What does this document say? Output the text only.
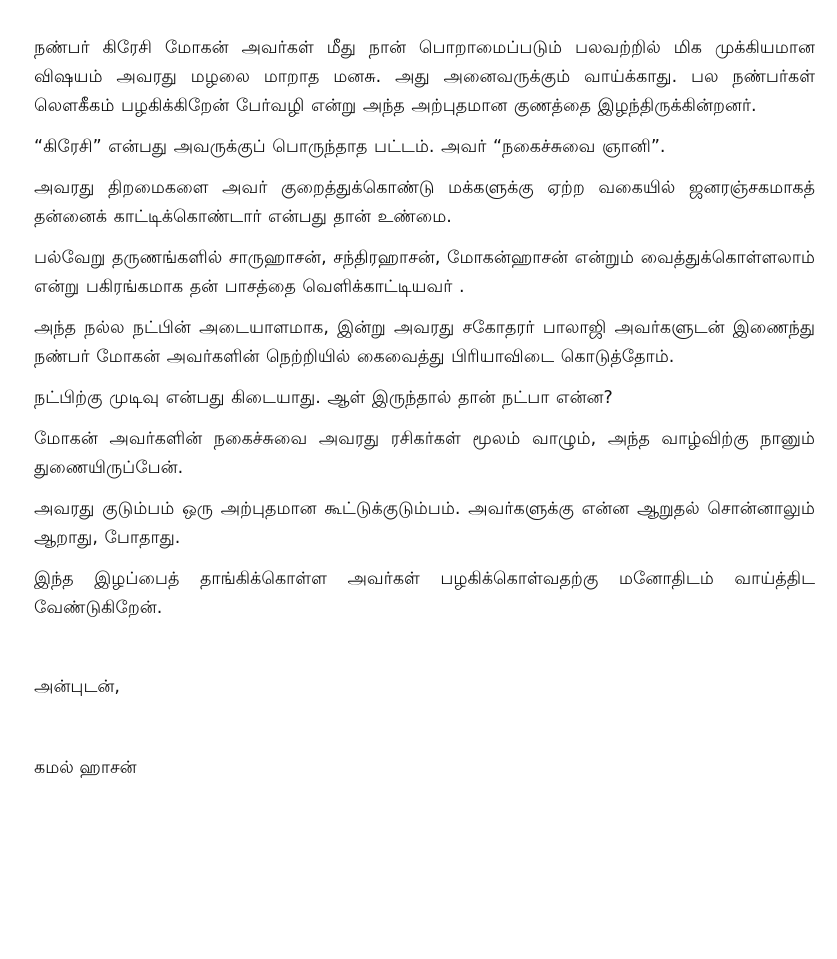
நண்பர் கிரேசி மோகன் அவர்கள் மீது நான் பொறாமைப்படும் பலவற்றில் மிக முக்கியமான விஷயம் அவரது மழலை மாறாத மனசு. அது அனைவருக்கும் வாய்க்காது. பல நண்பர்கள் லௌகீகம் பழகிக்கிறேன் பேர்வழி என்று அந்த அற்புதமான குணத்தை இழந்திருக்கின்றனர்.

“கிரேசி” என்பது அவருக்குப் பொருந்தாத பட்டம். அவர் “நகைச்சுவை ஞானி”.

அவரது திறமைகளை அவர் குறைத்துக்கொண்டு மக்களுக்கு ஏற்ற வகையில் ஜனரஞ்சகமாகத் தன்னைக் காட்டிக்கொண்டார் என்பது தான் உண்மை.

பல்வேறு தருணங்களில் சாருஹாசன், சந்திரஹாசன், மோகன்ஹாசன் என்றும் வைத்துக்கொள்ளலாம் என்று பகிரங்கமாக தன் பாசத்தை வெளிக்காட்டியவர் .

அந்த நல்ல நட்பின் அடையாளமாக, இன்று அவரது சகோதரர் பாலாஜி அவர்களுடன் இணைந்து நண்பர் மோகன் அவர்களின் நெற்றியில் கைவைத்து பிரியாவிடை கொடுத்தோம்.

நட்பிற்கு முடிவு என்பது கிடையாது. ஆள் இருந்தால் தான் நட்பா என்ன?

மோகன் அவர்களின் நகைச்சுவை அவரது ரசிகர்கள் மூலம் வாழும், அந்த வாழ்விற்கு நானும் துணையிருப்பேன்.

அவரது குடும்பம் ஒரு அற்புதமான கூட்டுக்குடும்பம். அவர்களுக்கு என்ன ஆறுதல் சொன்னாலும் ஆறாது, போதாது.

இந்த இழப்பைத் தாங்கிக்கொள்ள அவர்கள் பழகிக்கொள்வதற்கு மனோதிடம் வாய்த்திட வேண்டுகிறேன்.

அன்புடன்,

கமல் ஹாசன்
